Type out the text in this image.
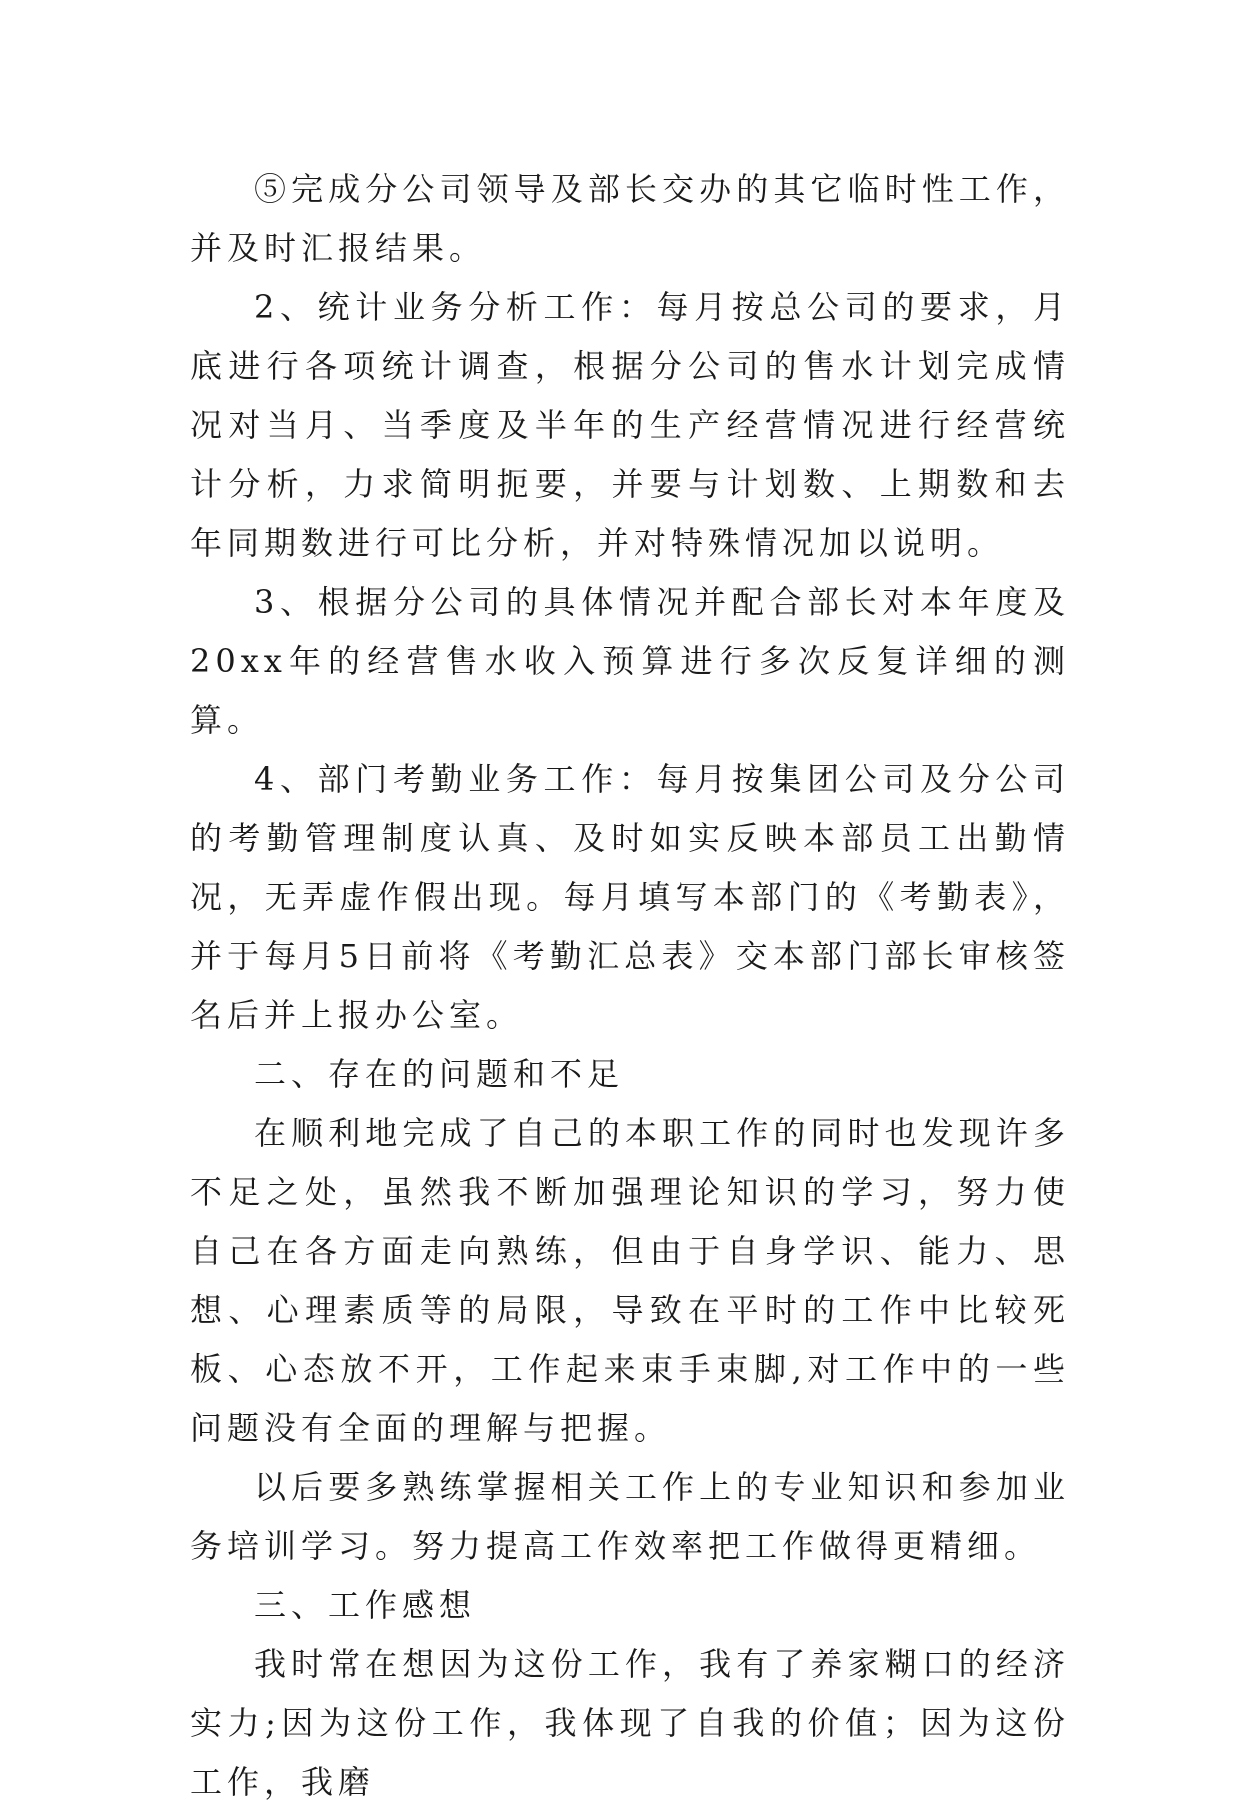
⑤完成分公司领导及部长交办的其它临时性工作，并及时汇报结果。

2、统计业务分析工作：每月按总公司的要求，月底进行各项统计调查，根据分公司的售水计划完成情况对当月、当季度及半年的生产经营情况进行经营统计分析，力求简明扼要，并要与计划数、上期数和去年同期数进行可比分析，并对特殊情况加以说明。

3、根据分公司的具体情况并配合部长对本年度及20xx年的经营售水收入预算进行多次反复详细的测算。

4、部门考勤业务工作：每月按集团公司及分公司的考勤管理制度认真、及时如实反映本部员工出勤情况，无弄虚作假出现。每月填写本部门的《考勤表》，并于每月5日前将《考勤汇总表》交本部门部长审核签名后并上报办公室。

二、存在的问题和不足

在顺利地完成了自己的本职工作的同时也发现许多不足之处，虽然我不断加强理论知识的学习，努力使自己在各方面走向熟练，但由于自身学识、能力、思想、心理素质等的局限，导致在平时的工作中比较死板、心态放不开，工作起来束手束脚,对工作中的一些问题没有全面的理解与把握。

以后要多熟练掌握相关工作上的专业知识和参加业务培训学习。努力提高工作效率把工作做得更精细。

三、工作感想

我时常在想因为这份工作，我有了养家糊口的经济实力;因为这份工作，我体现了自我的价值；因为这份工作，我磨
